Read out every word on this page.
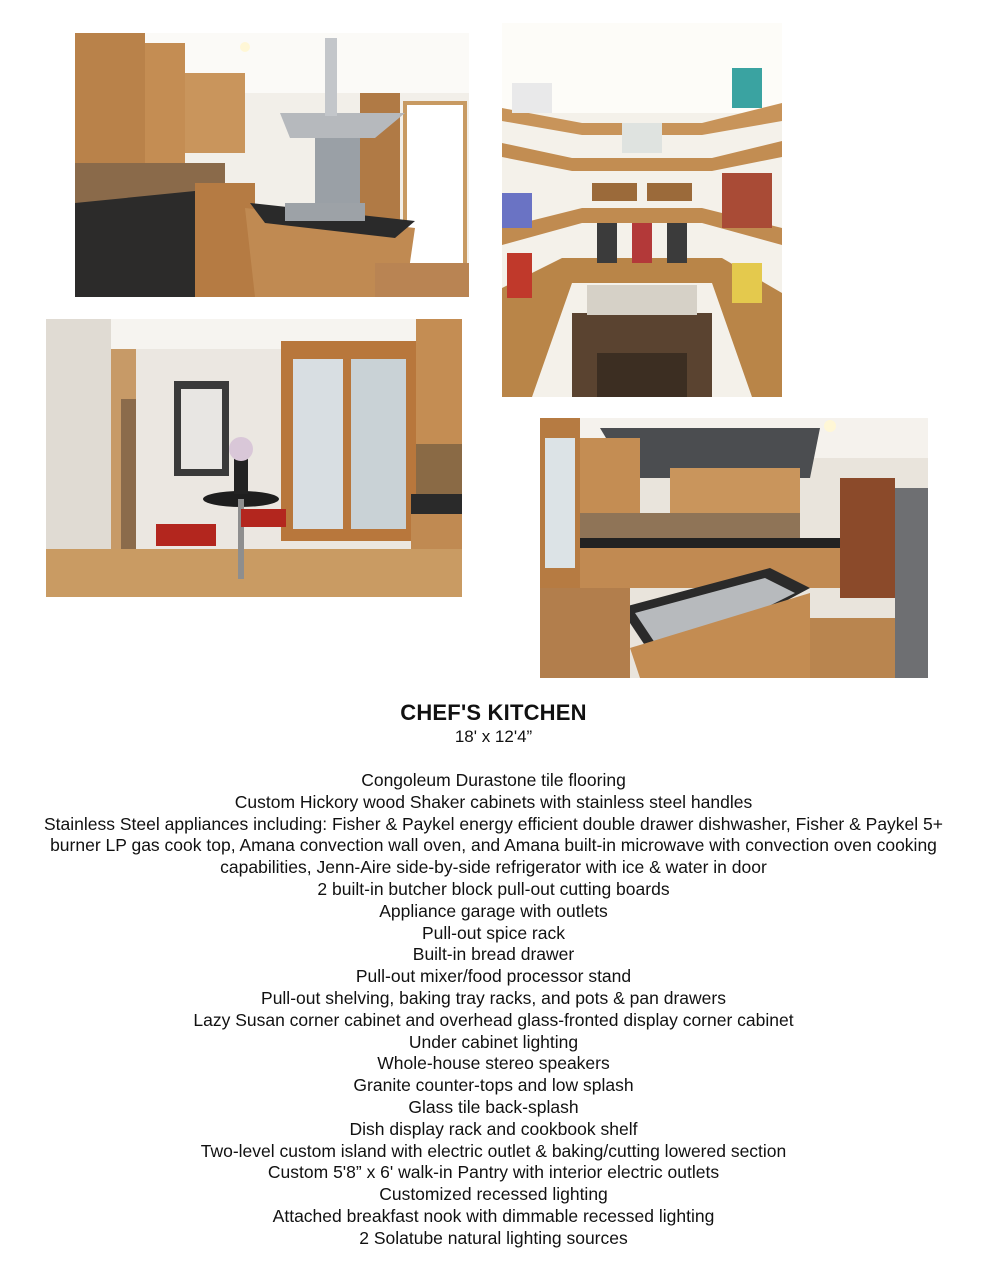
CHEF'S KITCHEN
18' x 12'4”
Congoleum Durastone tile flooring
Custom Hickory wood Shaker cabinets with stainless steel handles
Stainless Steel appliances including: Fisher & Paykel energy efficient double drawer dishwasher, Fisher & Paykel 5+ burner LP gas cook top, Amana convection wall oven, and Amana built-in microwave with convection oven cooking capabilities, Jenn-Aire side-by-side refrigerator with ice & water in door
2 built-in butcher block pull-out cutting boards
Appliance garage with outlets
Pull-out spice rack
Built-in bread drawer
Pull-out mixer/food processor stand
Pull-out shelving, baking tray racks, and pots & pan drawers
Lazy Susan corner cabinet and overhead glass-fronted display corner cabinet
Under cabinet lighting
Whole-house stereo speakers
Granite counter-tops and low splash
Glass tile back-splash
Dish display rack and cookbook shelf
Two-level custom island with electric outlet & baking/cutting lowered section
Custom 5'8” x 6' walk-in Pantry with interior electric outlets
Customized recessed lighting
Attached breakfast nook with dimmable recessed lighting
2 Solatube natural lighting sources
